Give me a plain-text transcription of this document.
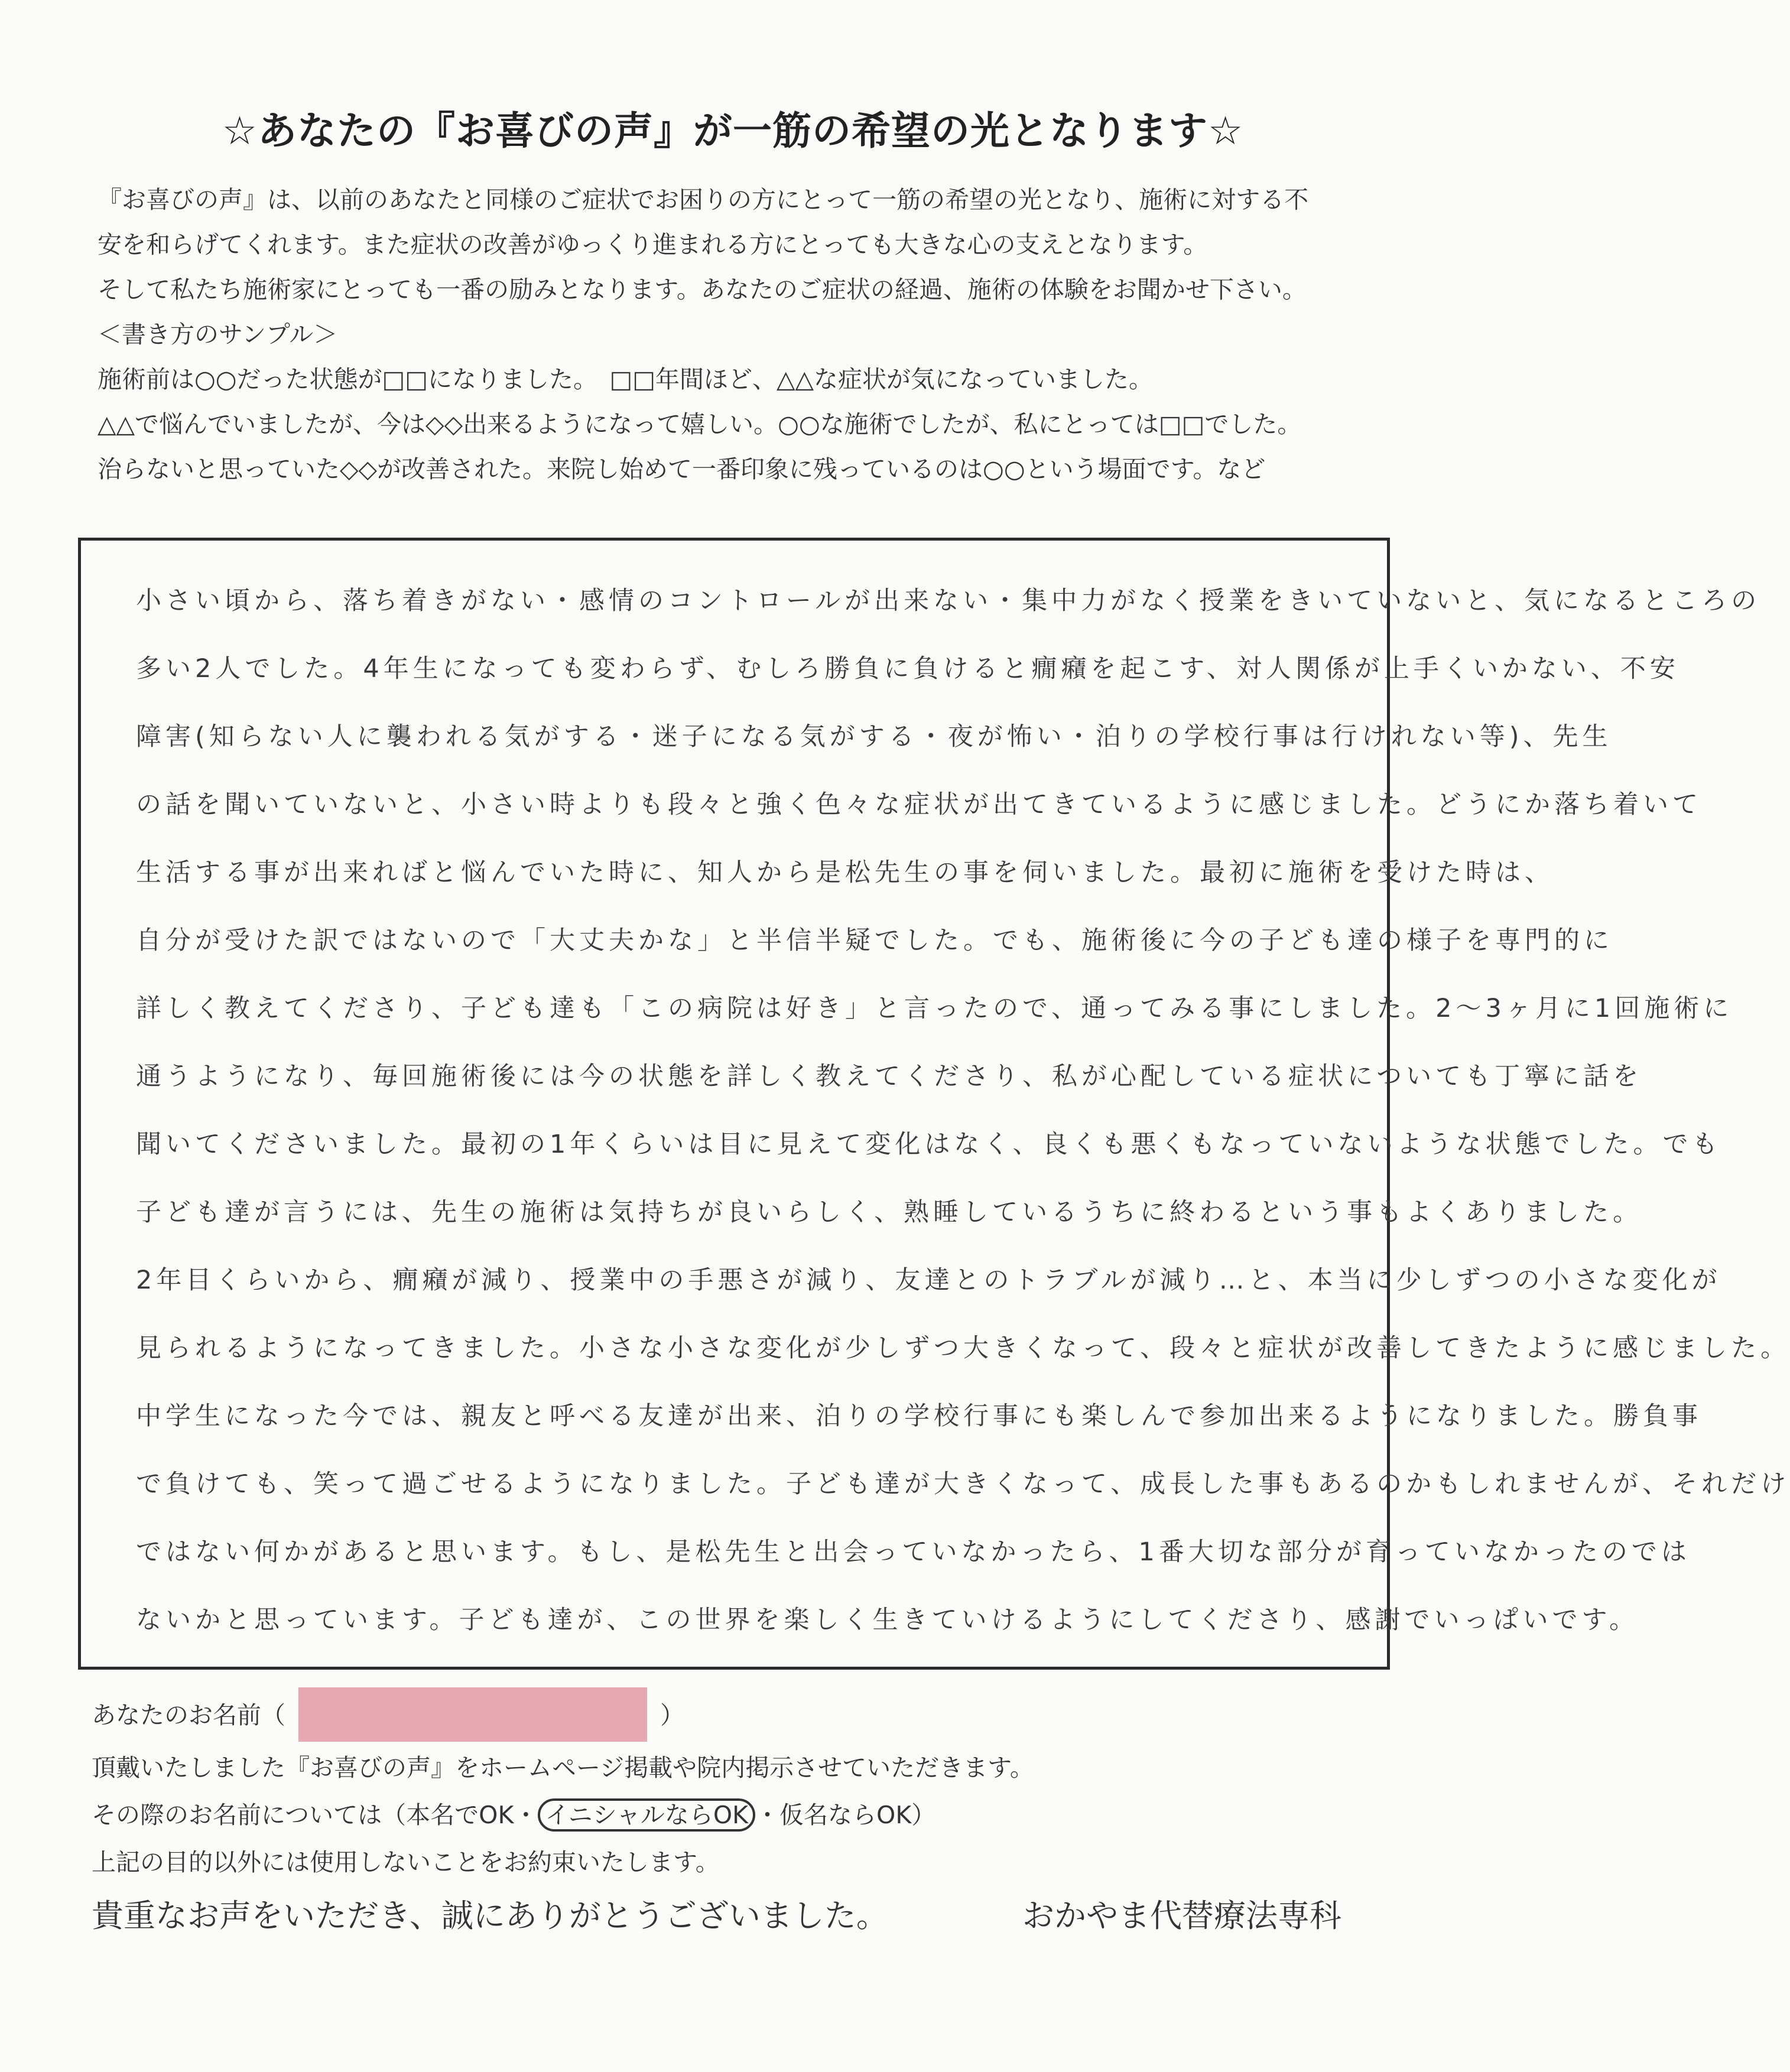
☆あなたの『お喜びの声』が一筋の希望の光となります☆

『お喜びの声』は、以前のあなたと同様のご症状でお困りの方にとって一筋の希望の光となり、施術に対する不

安を和らげてくれます。また症状の改善がゆっくり進まれる方にとっても大きな心の支えとなります。

そして私たち施術家にとっても一番の励みとなります。あなたのご症状の経過、施術の体験をお聞かせ下さい。

＜書き方のサンプル＞

施術前は○○だった状態が□□になりました。　□□年間ほど、△△な症状が気になっていました。

△△で悩んでいましたが、今は◇◇出来るようになって嬉しい。○○な施術でしたが、私にとっては□□でした。

治らないと思っていた◇◇が改善された。来院し始めて一番印象に残っているのは○○という場面です。など

小さい頃から、落ち着きがない・感情のコントロールが出来ない・集中力がなく授業をきいていないと、気になるところの

多い2人でした。4年生になっても変わらず、むしろ勝負に負けると癇癪を起こす、対人関係が上手くいかない、不安

障害(知らない人に襲われる気がする・迷子になる気がする・夜が怖い・泊りの学校行事は行けれない等)、先生

の話を聞いていないと、小さい時よりも段々と強く色々な症状が出てきているように感じました。どうにか落ち着いて

生活する事が出来ればと悩んでいた時に、知人から是松先生の事を伺いました。最初に施術を受けた時は、

自分が受けた訳ではないので「大丈夫かな」と半信半疑でした。でも、施術後に今の子ども達の様子を専門的に

詳しく教えてくださり、子ども達も「この病院は好き」と言ったので、通ってみる事にしました。2〜3ヶ月に1回施術に

通うようになり、毎回施術後には今の状態を詳しく教えてくださり、私が心配している症状についても丁寧に話を

聞いてくださいました。最初の1年くらいは目に見えて変化はなく、良くも悪くもなっていないような状態でした。でも

子ども達が言うには、先生の施術は気持ちが良いらしく、熟睡しているうちに終わるという事もよくありました。

2年目くらいから、癇癪が減り、授業中の手悪さが減り、友達とのトラブルが減り…と、本当に少しずつの小さな変化が

見られるようになってきました。小さな小さな変化が少しずつ大きくなって、段々と症状が改善してきたように感じました。

中学生になった今では、親友と呼べる友達が出来、泊りの学校行事にも楽しんで参加出来るようになりました。勝負事

で負けても、笑って過ごせるようになりました。子ども達が大きくなって、成長した事もあるのかもしれませんが、それだけ

ではない何かがあると思います。もし、是松先生と出会っていなかったら、1番大切な部分が育っていなかったのでは

ないかと思っています。子ども達が、この世界を楽しく生きていけるようにしてくださり、感謝でいっぱいです。

あなたのお名前（	）

頂戴いたしました『お喜びの声』をホームページ掲載や院内掲示させていただきます。

その際のお名前については（本名でOK・ イニシャルならOK ・仮名ならOK）

上記の目的以外には使用しないことをお約束いたします。

貴重なお声をいただき、誠にありがとうございました。	おかやま代替療法専科
